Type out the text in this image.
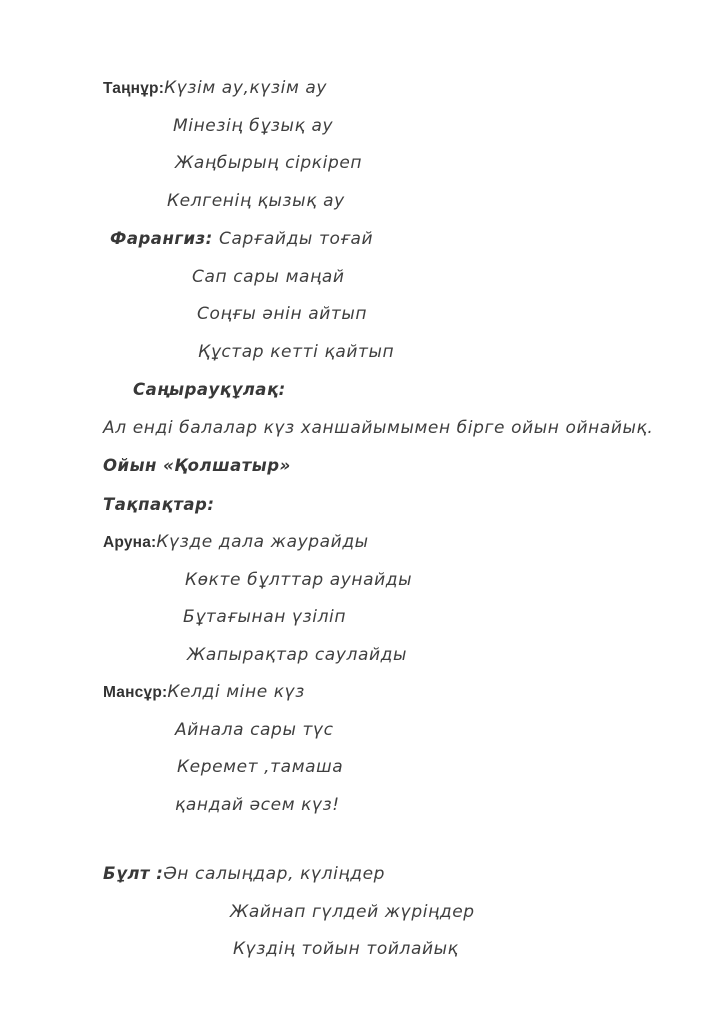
Таңнұр:Күзім ау,күзім ау
Мінезің бұзық ау
Жаңбырың сіркіреп
Келгенің қызық ау
Фарангиз: Сарғайды тоғай
Сап сары маңай
Соңғы әнін айтып
Құстар кетті қайтып
Саңырауқұлақ:
Ал енді балалар күз ханшайымымен бірге ойын ойнайық.
Ойын «Қолшатыр»
Тақпақтар:
Аруна:Күзде дала жаурайды
Көкте бұлттар аунайды
Бұтағынан үзіліп
Жапырақтар саулайды
Мансұр:Келді міне күз
Айнала сары түс
Керемет ,тамаша
қандай әсем күз!
Бұлт :Ән салыңдар, күліңдер
Жайнап гүлдей жүріңдер
Күздің тойын тойлайық
